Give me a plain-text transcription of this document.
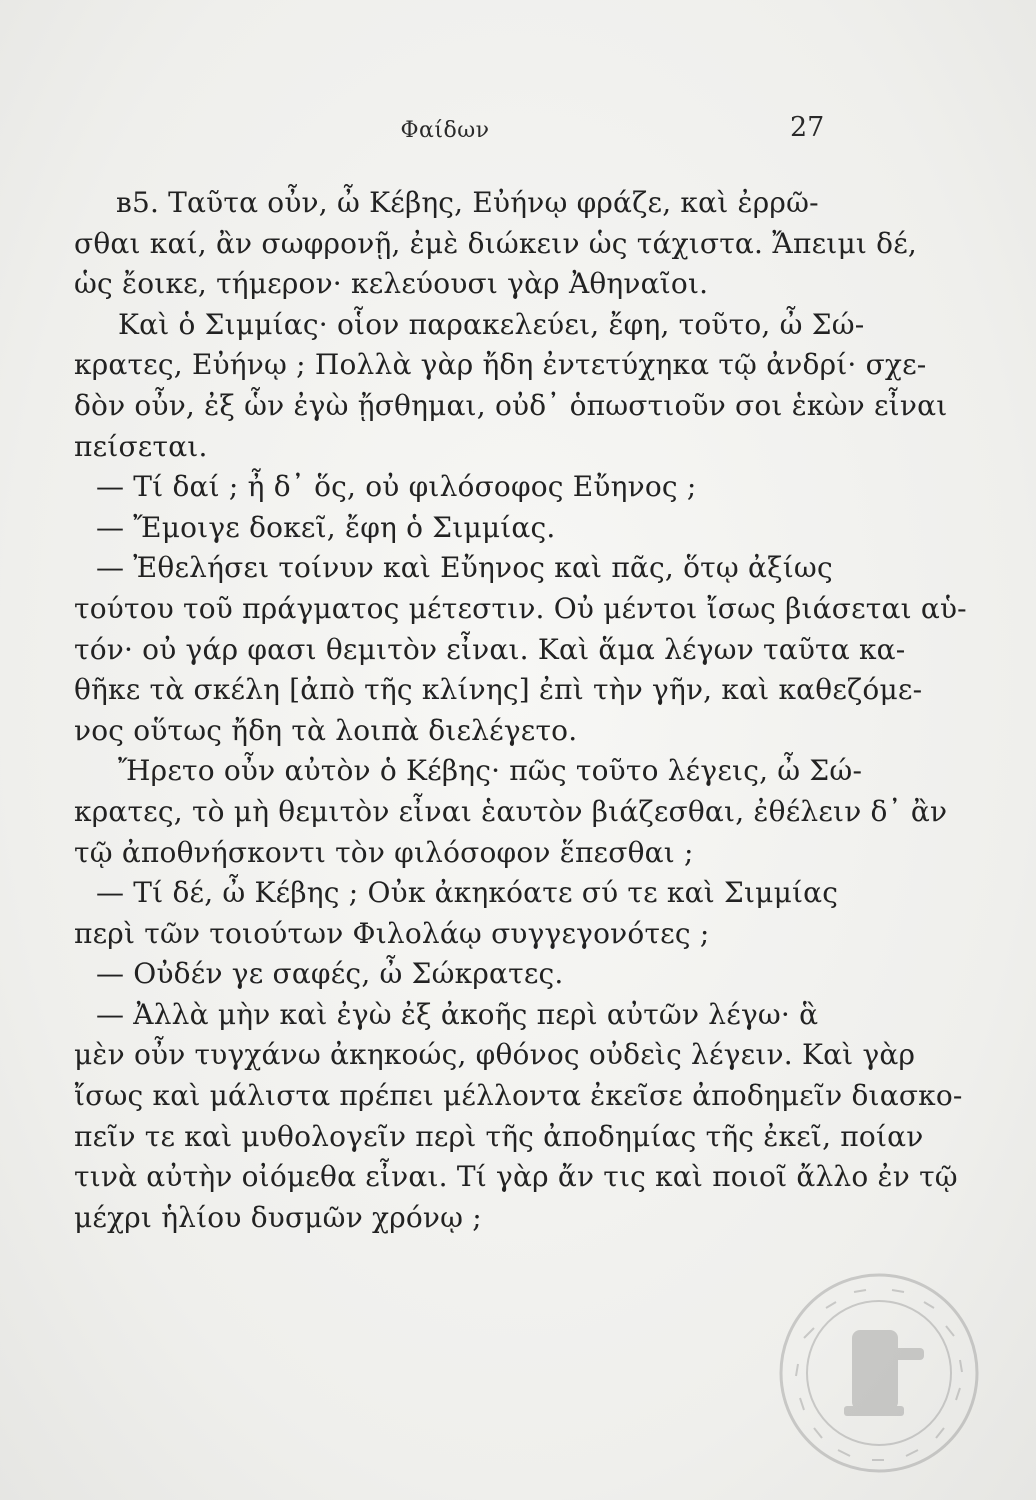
Φαίδων	27
ʙ5. Ταῦτα οὖν, ὦ Κέβης, Εὐήνῳ φράζε, καὶ ἐρρῶ-
σθαι καί, ἂν σωφρονῇ, ἐμὲ διώκειν ὡς τάχιστα. Ἄπειμι δέ,
ὡς ἔοικε, τήμερον· κελεύουσι γὰρ Ἀθηναῖοι.
Καὶ ὁ Σιμμίας· οἷον παρακελεύει, ἔφη, τοῦτο, ὦ Σώ-
κρατες, Εὐήνῳ ; Πολλὰ γὰρ ἤδη ἐντετύχηκα τῷ ἀνδρί· σχε-
δὸν οὖν, ἐξ ὧν ἐγὼ ᾔσθημαι, οὐδ᾽ ὁπωστιοῦν σοι ἑκὼν εἶναι
πείσεται.
— Τί δαί ; ἦ δ᾽ ὅς, οὐ φιλόσοφος Εὔηνος ;
— Ἔμοιγε δοκεῖ, ἔφη ὁ Σιμμίας.
— Ἐθελήσει τοίνυν καὶ Εὔηνος καὶ πᾶς, ὅτῳ ἀξίως
τούτου τοῦ πράγματος μέτεστιν. Οὐ μέντοι ἴσως βιάσεται αὑ-
τόν· οὐ γάρ φασι θεμιτὸν εἶναι. Καὶ ἅμα λέγων ταῦτα κα-
θῆκε τὰ σκέλη [ἀπὸ τῆς κλίνης] ἐπὶ τὴν γῆν, καὶ καθεζόμε-
νος οὕτως ἤδη τὰ λοιπὰ διελέγετο.
Ἤρετο οὖν αὐτὸν ὁ Κέβης· πῶς τοῦτο λέγεις, ὦ Σώ-
κρατες, τὸ μὴ θεμιτὸν εἶναι ἑαυτὸν βιάζεσθαι, ἐθέλειν δ᾽ ἂν
τῷ ἀποθνήσκοντι τὸν φιλόσοφον ἕπεσθαι ;
— Τί δέ, ὦ Κέβης ; Οὐκ ἀκηκόατε σύ τε καὶ Σιμμίας
περὶ τῶν τοιούτων Φιλολάῳ συγγεγονότες ;
— Οὐδέν γε σαφές, ὦ Σώκρατες.
— Ἀλλὰ μὴν καὶ ἐγὼ ἐξ ἀκοῆς περὶ αὐτῶν λέγω· ἃ
μὲν οὖν τυγχάνω ἀκηκοώς, φθόνος οὐδεὶς λέγειν. Καὶ γὰρ
ἴσως καὶ μάλιστα πρέπει μέλλοντα ἐκεῖσε ἀποδημεῖν διασκο-
πεῖν τε καὶ μυθολογεῖν περὶ τῆς ἀποδημίας τῆς ἐκεῖ, ποίαν
τινὰ αὐτὴν οἰόμεθα εἶναι. Τί γὰρ ἄν τις καὶ ποιοῖ ἄλλο ἐν τῷ
μέχρι ἡλίου δυσμῶν χρόνῳ ;
